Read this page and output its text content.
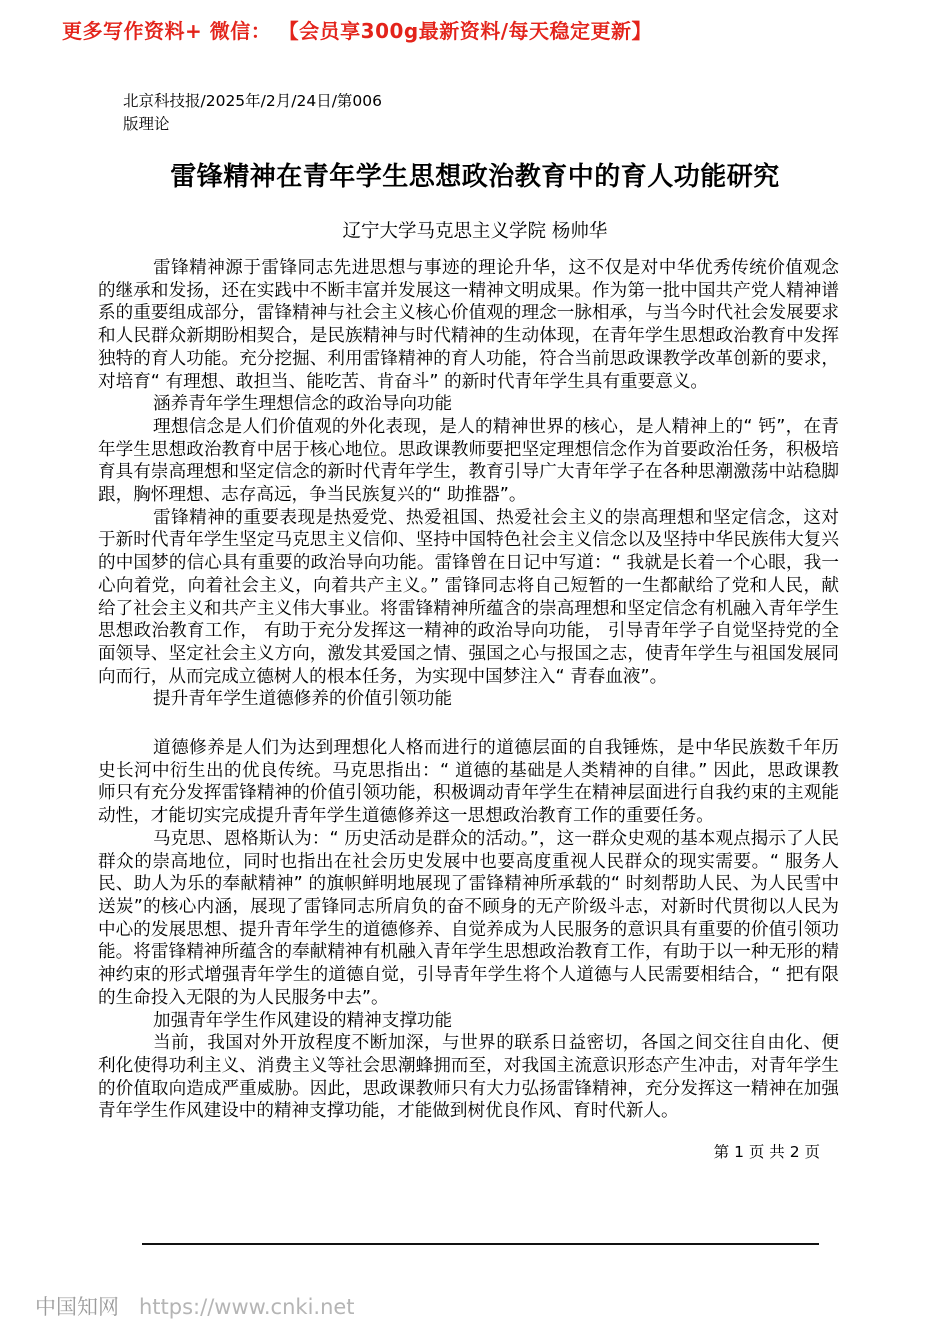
更多写作资料+ 微信： 【会员享300g最新资料/每天稳定更新】
北京科技报/2025年/2月/24日/第006
版理论
雷锋精神在青年学生思想政治教育中的育人功能研究
辽宁大学马克思主义学院 杨帅华

雷锋精神源于雷锋同志先进思想与事迹的理论升华，这不仅是对中华优秀传统价值观念的继承和发扬，还在实践中不断丰富并发展这一精神文明成果。作为第一批中国共产党人精神谱系的重要组成部分，雷锋精神与社会主义核心价值观的理念一脉相承，与当今时代社会发展要求和人民群众新期盼相契合，是民族精神与时代精神的生动体现，在青年学生思想政治教育中发挥独特的育人功能。充分挖掘、利用雷锋精神的育人功能，符合当前思政课教学改革创新的要求，对培育“ 有理想、敢担当、能吃苦、肯奋斗” 的新时代青年学生具有重要意义。

涵养青年学生理想信念的政治导向功能

理想信念是人们价值观的外化表现，是人的精神世界的核心，是人精神上的“ 钙”，在青年学生思想政治教育中居于核心地位。思政课教师要把坚定理想信念作为首要政治任务，积极培育具有崇高理想和坚定信念的新时代青年学生，教育引导广大青年学子在各种思潮激荡中站稳脚跟，胸怀理想、志存高远，争当民族复兴的“ 助推器”。

雷锋精神的重要表现是热爱党、热爱祖国、热爱社会主义的崇高理想和坚定信念，这对于新时代青年学生坚定马克思主义信仰、坚持中国特色社会主义信念以及坚持中华民族伟大复兴的中国梦的信心具有重要的政治导向功能。雷锋曾在日记中写道：“ 我就是长着一个心眼，我一心向着党，向着社会主义，向着共产主义。” 雷锋同志将自己短暂的一生都献给了党和人民，献给了社会主义和共产主义伟大事业。将雷锋精神所蕴含的崇高理想和坚定信念有机融入青年学生思想政治教育工作， 有助于充分发挥这一精神的政治导向功能， 引导青年学子自觉坚持党的全面领导、坚定社会主义方向，激发其爱国之情、强国之心与报国之志，使青年学生与祖国发展同向而行，从而完成立德树人的根本任务，为实现中国梦注入“ 青春血液”。

提升青年学生道德修养的价值引领功能

道德修养是人们为达到理想化人格而进行的道德层面的自我锤炼，是中华民族数千年历史长河中衍生出的优良传统。马克思指出：“ 道德的基础是人类精神的自律。” 因此，思政课教师只有充分发挥雷锋精神的价值引领功能，积极调动青年学生在精神层面进行自我约束的主观能动性，才能切实完成提升青年学生道德修养这一思想政治教育工作的重要任务。

马克思、恩格斯认为：“ 历史活动是群众的活动。”，这一群众史观的基本观点揭示了人民群众的崇高地位，同时也指出在社会历史发展中也要高度重视人民群众的现实需要。“ 服务人民、助人为乐的奉献精神” 的旗帜鲜明地展现了雷锋精神所承载的“ 时刻帮助人民、为人民雪中送炭”的核心内涵，展现了雷锋同志所肩负的奋不顾身的无产阶级斗志，对新时代贯彻以人民为中心的发展思想、提升青年学生的道德修养、自觉养成为人民服务的意识具有重要的价值引领功能。将雷锋精神所蕴含的奉献精神有机融入青年学生思想政治教育工作，有助于以一种无形的精神约束的形式增强青年学生的道德自觉，引导青年学生将个人道德与人民需要相结合，“ 把有限的生命投入无限的为人民服务中去”。

加强青年学生作风建设的精神支撑功能

当前，我国对外开放程度不断加深，与世界的联系日益密切，各国之间交往自由化、便利化使得功利主义、消费主义等社会思潮蜂拥而至，对我国主流意识形态产生冲击，对青年学生的价值取向造成严重威胁。因此，思政课教师只有大力弘扬雷锋精神，充分发挥这一精神在加强青年学生作风建设中的精神支撑功能，才能做到树优良作风、育时代新人。

第 1 页 共 2 页
中国知网 https://www.cnki.net
